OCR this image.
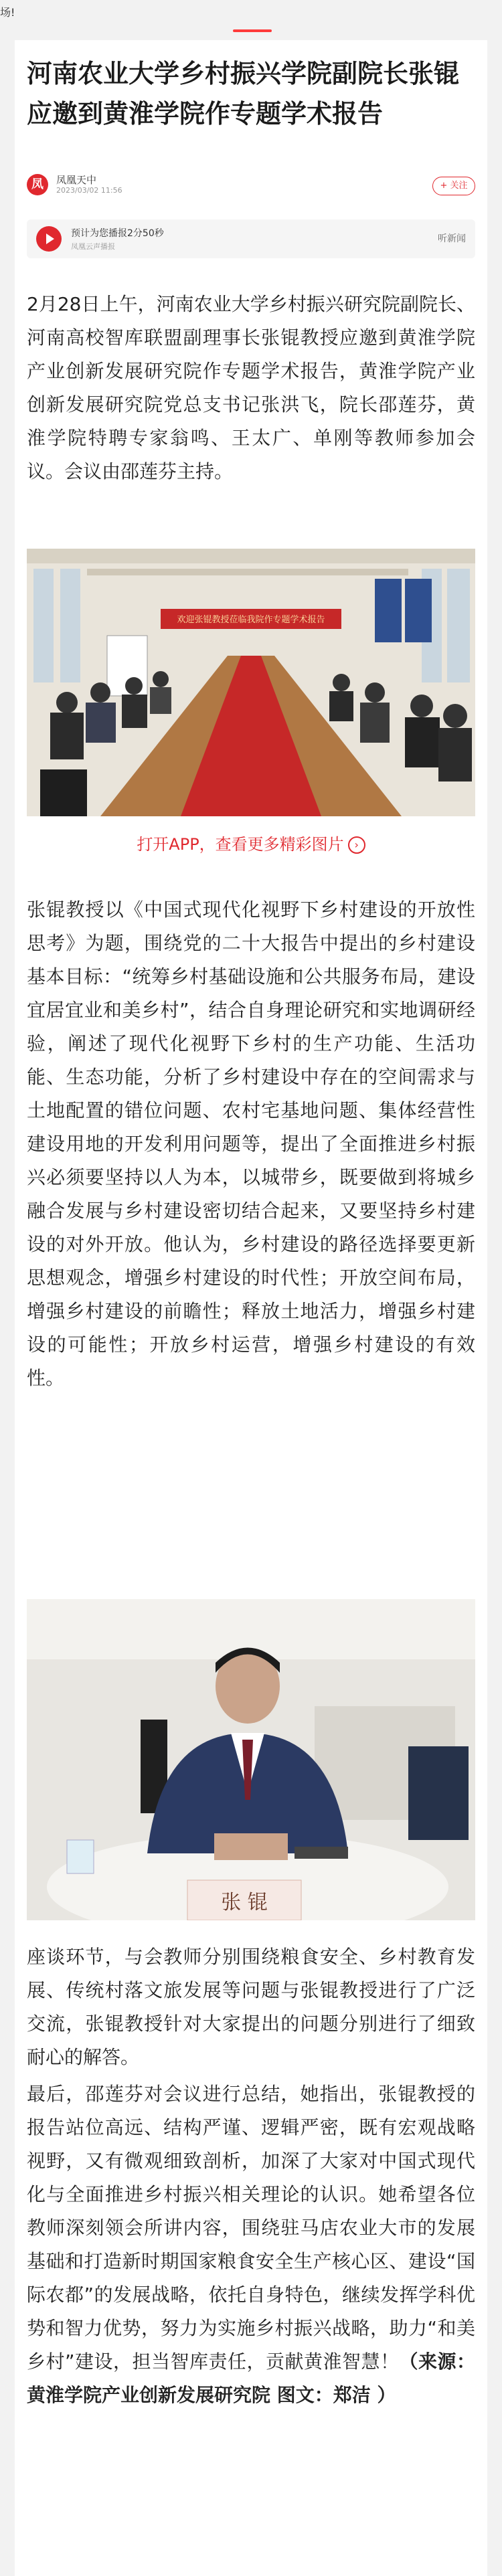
场!
河南农业大学乡村振兴学院副院长张锟应邀到黄淮学院作专题学术报告
凤	凤凰天中
2023/03/02 11:56	+ 关注
预计为您播报2分50秒
凤凰云声播报
听新闻

2月28日上午，河南农业大学乡村振兴研究院副院长、河南高校智库联盟副理事长张锟教授应邀到黄淮学院产业创新发展研究院作专题学术报告，黄淮学院产业创新发展研究院党总支书记张洪飞，院长邵莲芬，黄淮学院特聘专家翁鸣、王太广、单刚等教师参加会议。会议由邵莲芬主持。

欢迎张锟教授莅临我院作专题学术报告
打开APP，查看更多精彩图片 ›

张锟教授以《中国式现代化视野下乡村建设的开放性思考》为题，围绕党的二十大报告中提出的乡村建设基本目标：“统筹乡村基础设施和公共服务布局，建设宜居宜业和美乡村”，结合自身理论研究和实地调研经验，阐述了现代化视野下乡村的生产功能、生活功能、生态功能，分析了乡村建设中存在的空间需求与土地配置的错位问题、农村宅基地问题、集体经营性建设用地的开发利用问题等，提出了全面推进乡村振兴必须要坚持以人为本，以城带乡，既要做到将城乡融合发展与乡村建设密切结合起来，又要坚持乡村建设的对外开放。他认为，乡村建设的路径选择要更新思想观念，增强乡村建设的时代性；开放空间布局，增强乡村建设的前瞻性；释放土地活力，增强乡村建设的可能性；开放乡村运营，增强乡村建设的有效性。

张 锟

座谈环节，与会教师分别围绕粮食安全、乡村教育发展、传统村落文旅发展等问题与张锟教授进行了广泛交流，张锟教授针对大家提出的问题分别进行了细致耐心的解答。

最后，邵莲芬对会议进行总结，她指出，张锟教授的报告站位高远、结构严谨、逻辑严密，既有宏观战略视野，又有微观细致剖析，加深了大家对中国式现代化与全面推进乡村振兴相关理论的认识。她希望各位教师深刻领会所讲内容，围绕驻马店农业大市的发展基础和打造新时期国家粮食安全生产核心区、建设“国际农都”的发展战略，依托自身特色，继续发挥学科优势和智力优势，努力为实施乡村振兴战略，助力“和美乡村”建设，担当智库责任，贡献黄淮智慧！（来源：黄淮学院产业创新发展研究院 图文：郑洁 ）
